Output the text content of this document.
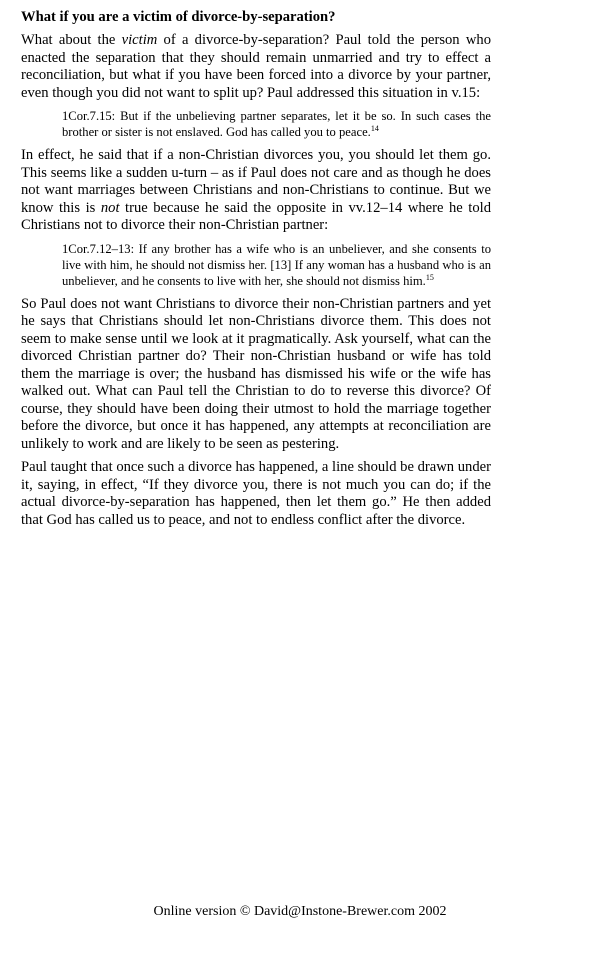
What if you are a victim of divorce-by-separation?

What about the victim of a divorce-by-separation? Paul told the person who enacted the separation that they should remain unmarried and try to effect a reconciliation, but what if you have been forced into a divorce by your partner, even though you did not want to split up? Paul addressed this situation in v.15:

1Cor.7.15: But if the unbelieving partner separates, let it be so. In such cases the brother or sister is not enslaved. God has called you to peace.$^{14}$

In effect, he said that if a non-Christian divorces you, you should let them go. This seems like a sudden u-turn – as if Paul does not care and as though he does not want marriages between Christians and non-Christians to continue. But we know this is not true because he said the opposite in vv.12–14 where he told Christians not to divorce their non-Christian partner:

1Cor.7.12–13: If any brother has a wife who is an unbeliever, and she consents to live with him, he should not dismiss her. [13] If any woman has a husband who is an unbeliever, and he consents to live with her, she should not dismiss him.$^{15}$

So Paul does not want Christians to divorce their non-Christian partners and yet he says that Christians should let non-Christians divorce them. This does not seem to make sense until we look at it pragmatically. Ask yourself, what can the divorced Christian partner do? Their non-Christian husband or wife has told them the marriage is over; the husband has dismissed his wife or the wife has walked out. What can Paul tell the Christian to do to reverse this divorce? Of course, they should have been doing their utmost to hold the marriage together before the divorce, but once it has happened, any attempts at reconciliation are unlikely to work and are likely to be seen as pestering.

Paul taught that once such a divorce has happened, a line should be drawn under it, saying, in effect, “If they divorce you, there is not much you can do; if the actual divorce-by-separation has happened, then let them go.” He then added that God has called us to peace, and not to endless conflict after the divorce.

Online version © David@Instone-Brewer.com 2002
